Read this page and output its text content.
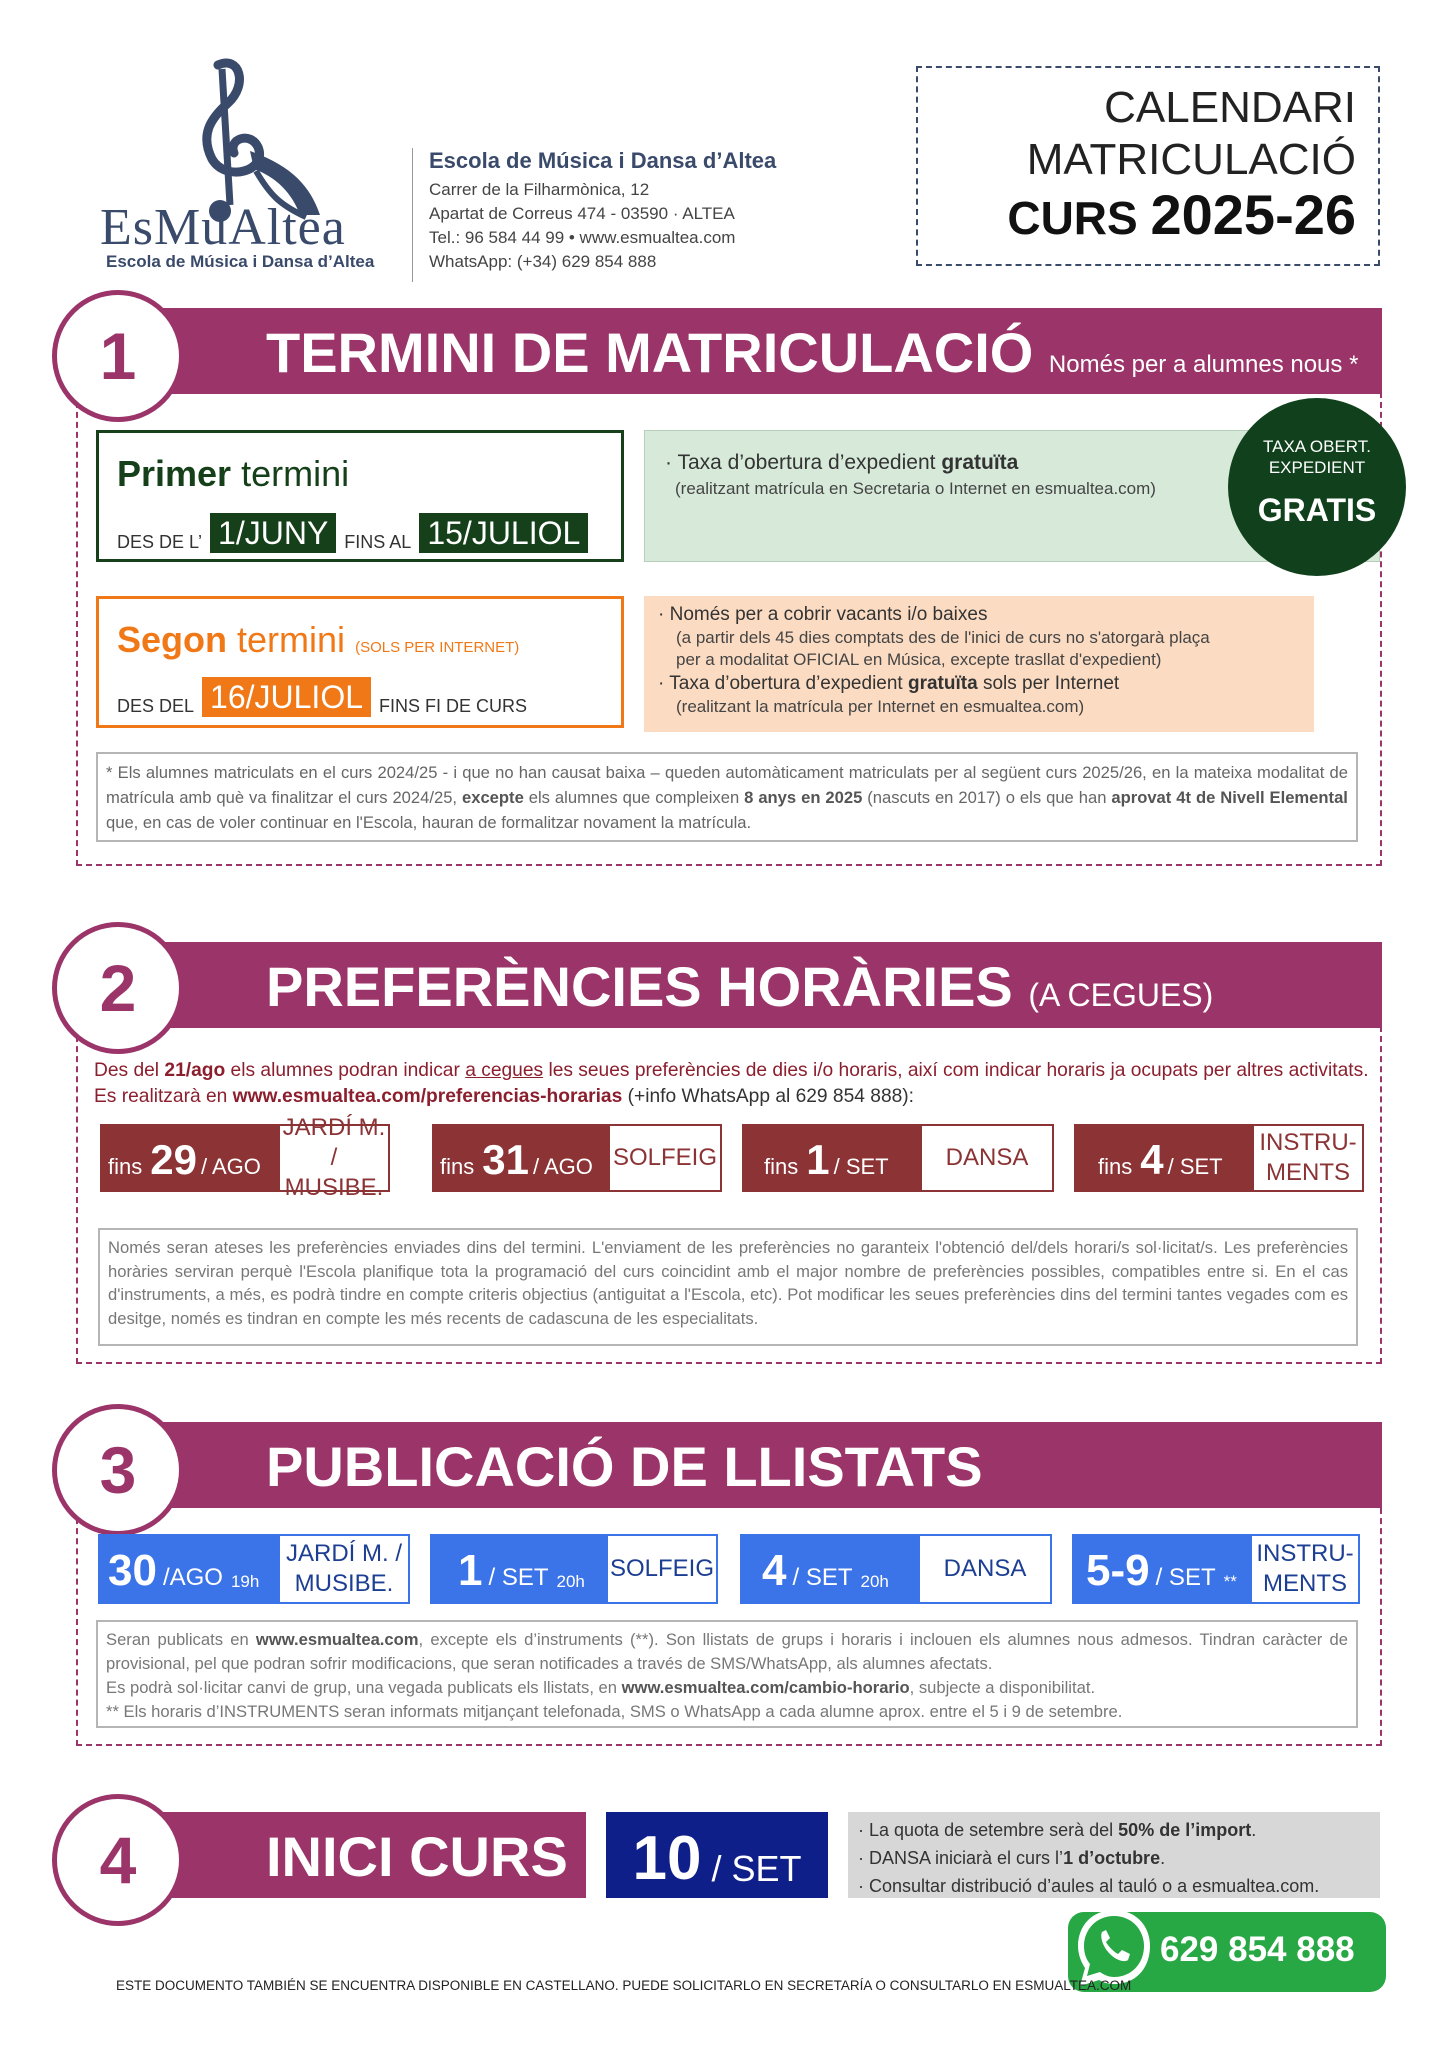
EsMuAltea
Escola de Música i Dansa d’Altea
Escola de Música i Dansa d’Altea
Carrer de la Filharmònica, 12
Apartat de Correus 474 - 03590 · ALTEA
Tel.: 96 584 44 99 • www.esmualtea.com
WhatsApp: (+34) 629 854 888
CALENDARI
MATRICULACIÓ
CURS 2025-26
TERMINI DE MATRICULACIÓ Només per a alumnes nous *
1
Primer termini
DES DE L’ 1/JUNY FINS AL 15/JULIOL
· Taxa d’obertura d’expedient gratuïta
(realitzant matrícula en Secretaria o Internet en esmualtea.com)
TAXA OBERT.
EXPEDIENT
GRATIS
Segon termini (SOLS PER INTERNET)
DES DEL 16/JULIOL FINS FI DE CURS
· Només per a cobrir vacants i/o baixes
(a partir dels 45 dies comptats des de l'inici de curs no s'atorgarà plaça
per a modalitat OFICIAL en Música, excepte trasllat d'expedient)
· Taxa d’obertura d’expedient gratuïta sols per Internet
(realitzant la matrícula per Internet en esmualtea.com)
* Els alumnes matriculats en el curs 2024/25 - i que no han causat baixa – queden automàticament matriculats per al següent curs 2025/26, en la mateixa modalitat de matrícula amb què va finalitzar el curs 2024/25, excepte els alumnes que compleixen 8 anys en 2025 (nascuts en 2017) o els que han aprovat 4t de Nivell Elemental que, en cas de voler continuar en l'Escola, hauran de formalitzar novament la matrícula.
PREFERÈNCIES HORÀRIES (A CEGUES)
2
Des del 21/ago els alumnes podran indicar a cegues les seues preferències de dies i/o horaris, així com indicar horaris ja ocupats per altres activitats. Es realitzarà en www.esmualtea.com/preferencias-horarias (+info WhatsApp al 629 854 888):
fins 29 / AGO
JARDÍ M. /
MUSIBE.
fins 31 / AGO SOLFEIG fins 1 / SET DANSA	fins 4 / SET
INSTRU-
MENTS
Només seran ateses les preferències enviades dins del termini. L'enviament de les preferències no garanteix l'obtenció del/dels horari/s sol·licitat/s. Les preferències horàries serviran perquè l'Escola planifique tota la programació del curs coincidint amb el major nombre de preferències possibles, compatibles entre si. En el cas d'instruments, a més, es podrà tindre en compte criteris objectius (antiguitat a l'Escola, etc). Pot modificar les seues preferències dins del termini tantes vegades com es desitge, només es tindran en compte les més recents de cadascuna de les especialitats.
PUBLICACIÓ DE LLISTATS
3
30 /AGO 19h
JARDÍ M. /
MUSIBE. 1 / SET 20h SOLFEIG 4 / SET 20h DANSA 5-9 / SET **
INSTRU-
MENTS
Seran publicats en www.esmualtea.com, excepte els d’instruments (**). Son llistats de grups i horaris i inclouen els alumnes nous admesos. Tindran caràcter de provisional, pel que podran sofrir modificacions, que seran notificades a través de SMS/WhatsApp, als alumnes afectats.
Es podrà sol·licitar canvi de grup, una vegada publicats els llistats, en www.esmualtea.com/cambio-horario, subjecte a disponibilitat.
** Els horaris d’INSTRUMENTS seran informats mitjançant telefonada, SMS o WhatsApp a cada alumne aprox. entre el 5 i 9 de setembre.
INICI CURS
4	10 / SET
· La quota de setembre serà del 50% de l’import.
· DANSA iniciarà el curs l’1 d’octubre.
· Consultar distribució d’aules al tauló o a esmualtea.com.
629 854 888
ESTE DOCUMENTO TAMBIÉN SE ENCUENTRA DISPONIBLE EN CASTELLANO. PUEDE SOLICITARLO EN SECRETARÍA O CONSULTARLO EN ESMUALTEA.COM
